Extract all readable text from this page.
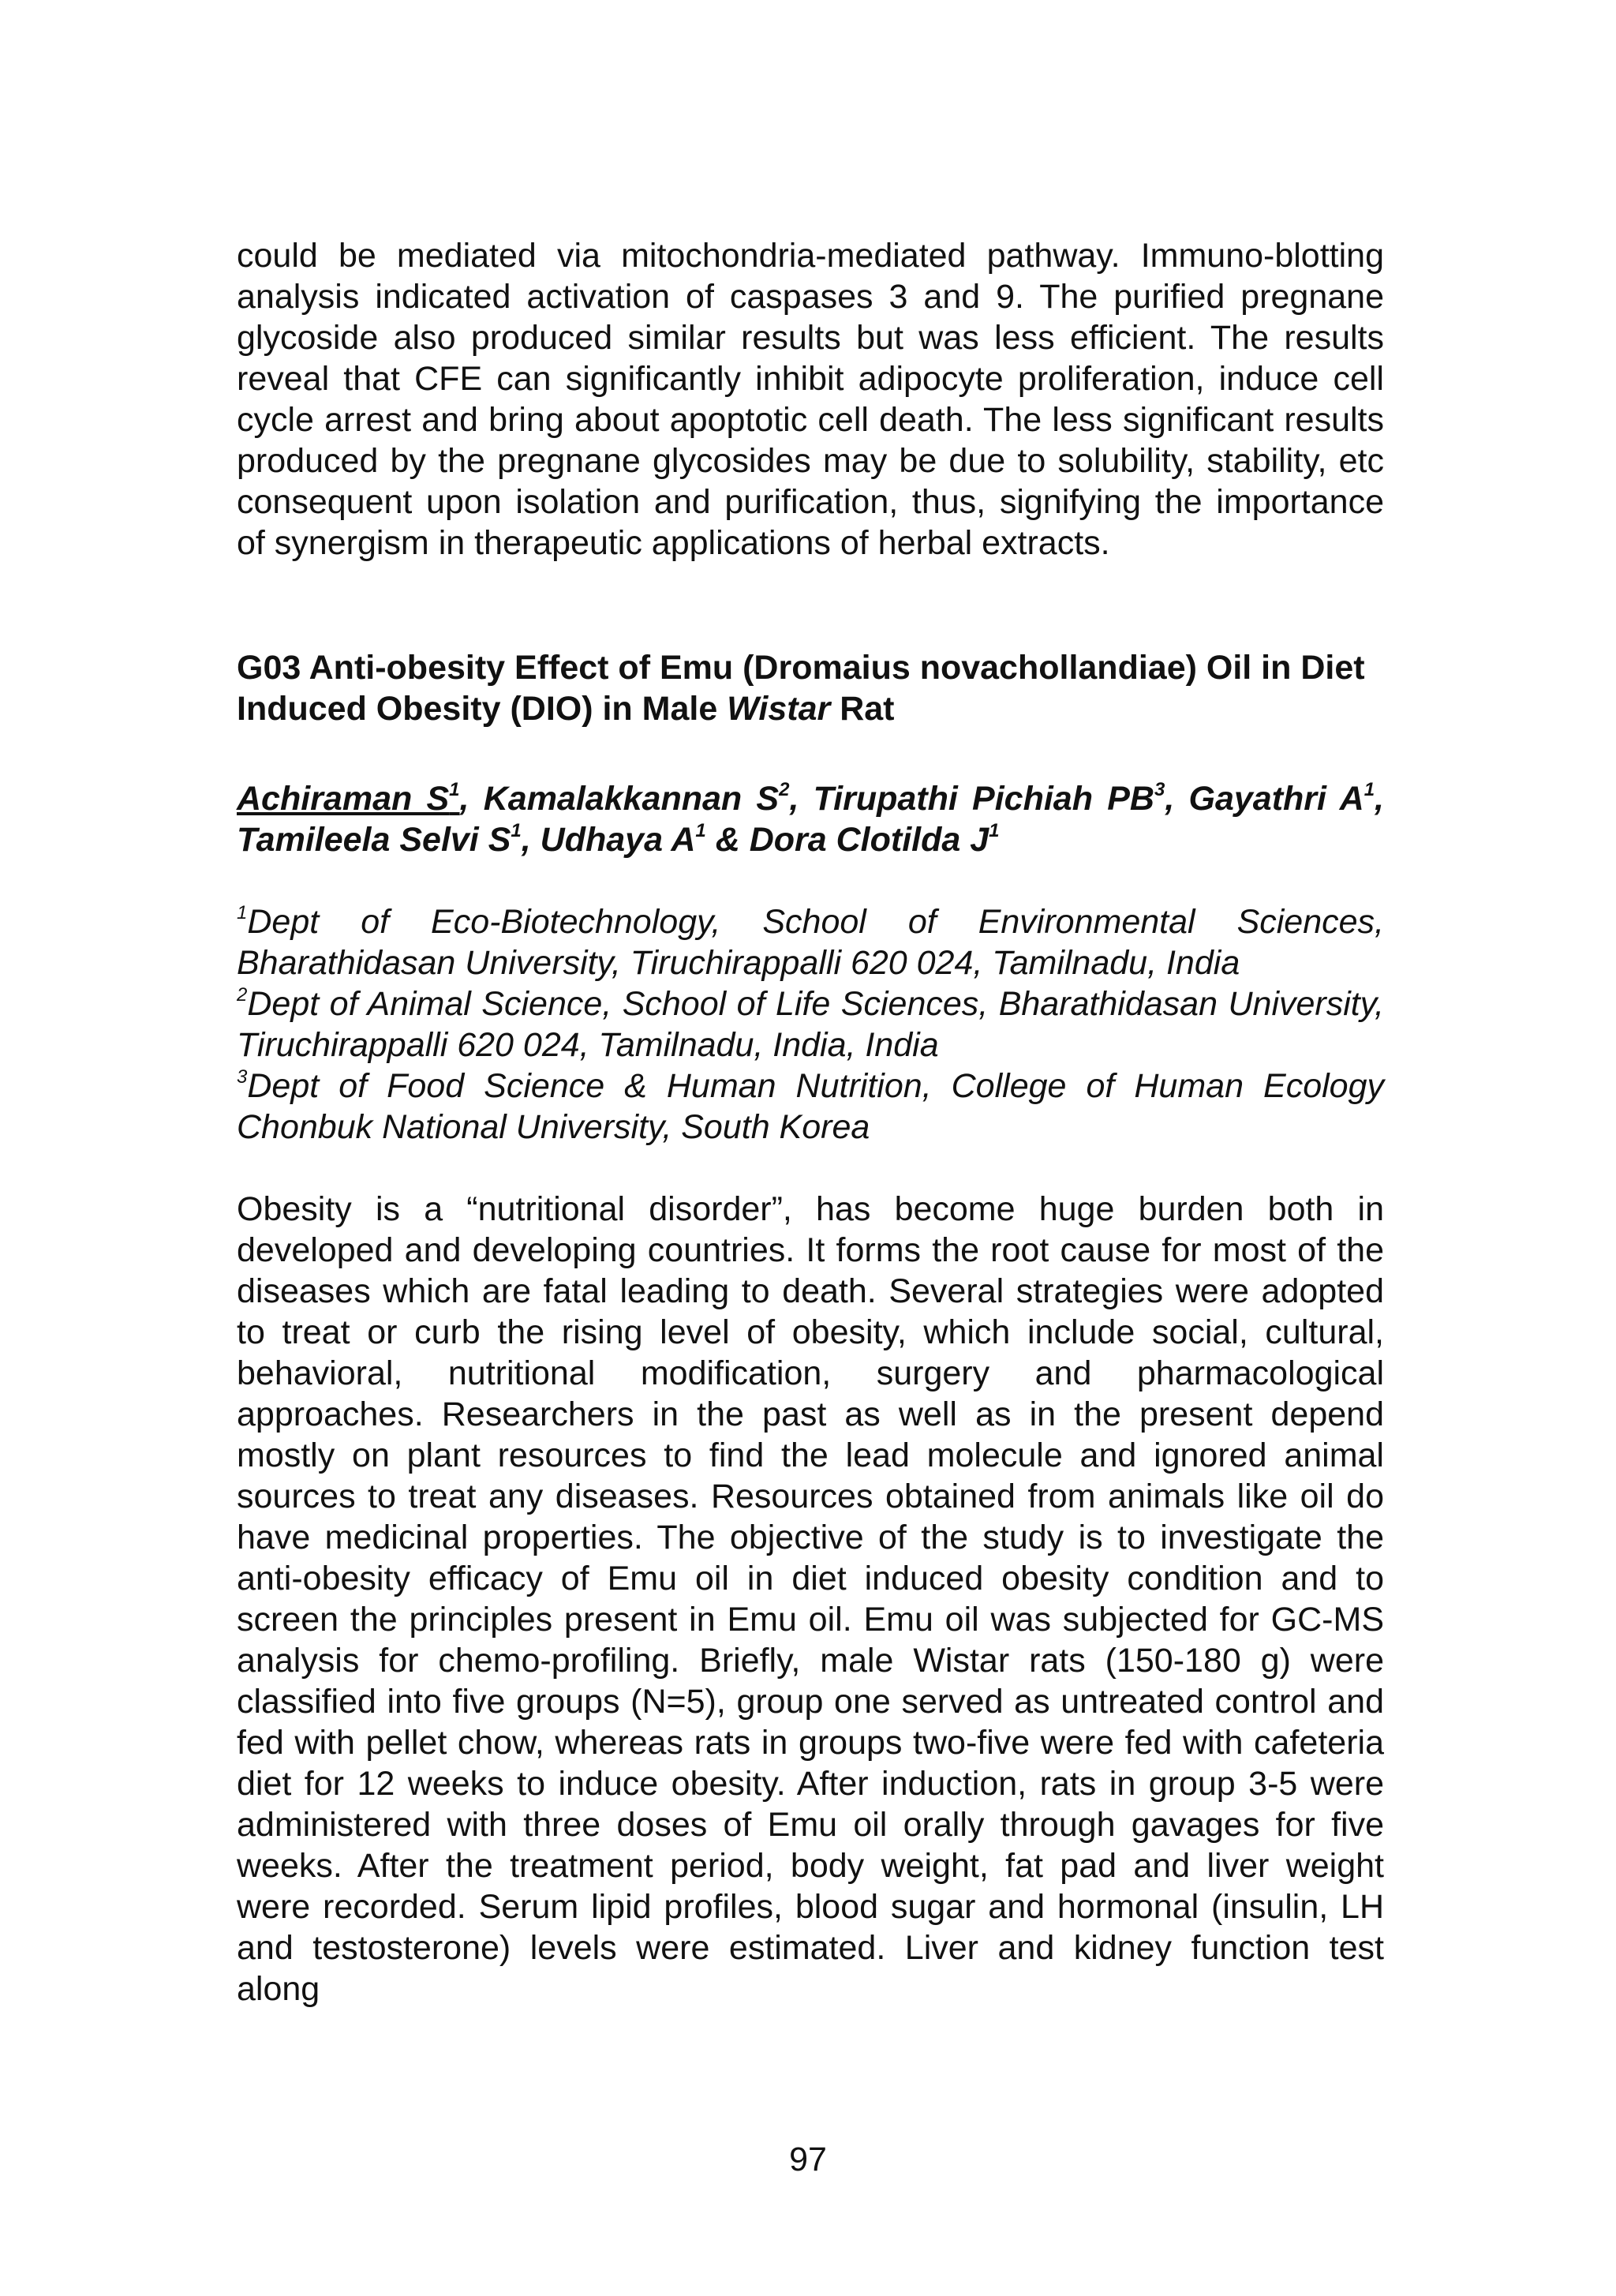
could be mediated via mitochondria-mediated pathway. Immuno-blotting analysis indicated activation of caspases 3 and 9. The purified pregnane glycoside also produced similar results but was less efficient. The results reveal that CFE can significantly inhibit adipocyte proliferation, induce cell cycle arrest and bring about apoptotic cell death. The less significant results produced by the pregnane glycosides may be due to solubility, stability, etc consequent upon isolation and purification, thus, signifying the importance of synergism in therapeutic applications of herbal extracts.

G03 Anti-obesity Effect of Emu (Dromaius novachollandiae) Oil in Diet Induced Obesity (DIO) in Male Wistar Rat

Achiraman $S^1$, Kamalakkannan $S^2$, Tirupathi Pichiah $PB^3$, Gayathri $A^1$, Tamileela Selvi $S^1$, Udhaya $A^1$ & Dora Clotilda $J^1$

$^1$Dept of Eco-Biotechnology, School of Environmental Sciences, Bharathidasan University, Tiruchirappalli 620 024, Tamilnadu, India
$^2$Dept of Animal Science, School of Life Sciences, Bharathidasan University, Tiruchirappalli 620 024, Tamilnadu, India, India
$^3$Dept of Food Science & Human Nutrition, College of Human Ecology Chonbuk National University, South Korea

Obesity is a “nutritional disorder”, has become huge burden both in developed and developing countries. It forms the root cause for most of the diseases which are fatal leading to death. Several strategies were adopted to treat or curb the rising level of obesity, which include social, cultural, behavioral, nutritional modification, surgery and pharmacological approaches. Researchers in the past as well as in the present depend mostly on plant resources to find the lead molecule and ignored animal sources to treat any diseases. Resources obtained from animals like oil do have medicinal properties. The objective of the study is to investigate the anti-obesity efficacy of Emu oil in diet induced obesity condition and to screen the principles present in Emu oil. Emu oil was subjected for GC-MS analysis for chemo-profiling. Briefly, male Wistar rats (150-180 g) were classified into five groups (N=5), group one served as untreated control and fed with pellet chow, whereas rats in groups two-five were fed with cafeteria diet for 12 weeks to induce obesity. After induction, rats in group 3-5 were administered with three doses of Emu oil orally through gavages for five weeks. After the treatment period, body weight, fat pad and liver weight were recorded. Serum lipid profiles, blood sugar and hormonal (insulin, LH and testosterone) levels were estimated. Liver and kidney function test along

97
